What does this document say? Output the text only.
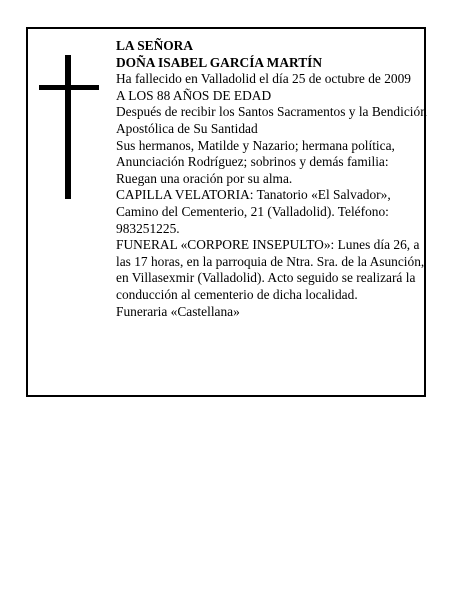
LA SEÑORA

DOÑA ISABEL GARCÍA MARTÍN

Ha fallecido en Valladolid el día 25 de octubre de 2009

A LOS 88 AÑOS DE EDAD

Después de recibir los Santos Sacramentos y la Bendición Apostólica de Su Santidad

Sus hermanos, Matilde y Nazario; hermana política, Anunciación Rodríguez; sobrinos y demás familia:

Ruegan una oración por su alma.

CAPILLA VELATORIA: Tanatorio «El Salvador», Camino del Cementerio, 21 (Valladolid). Teléfono: 983251225.

FUNERAL «CORPORE INSEPULTO»: Lunes día 26, a las 17 horas, en la parroquia de Ntra. Sra. de la Asunción, en Villasexmir (Valladolid). Acto seguido se realizará la conducción al cementerio de dicha localidad.

Funeraria «Castellana»
